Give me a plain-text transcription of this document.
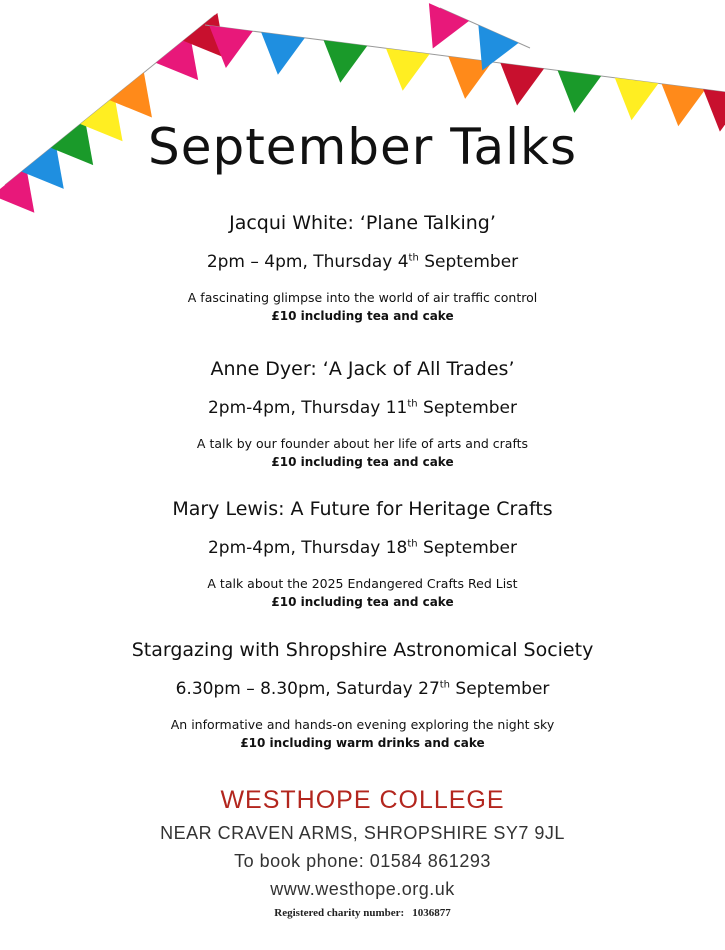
September Talks
Jacqui White: ‘Plane Talking’
2pm – 4pm, Thursday 4th September
A fascinating glimpse into the world of air traffic control
£10 including tea and cake
Anne Dyer: ‘A Jack of All Trades’
2pm-4pm, Thursday 11th September
A talk by our founder about her life of arts and crafts
£10 including tea and cake
Mary Lewis: A Future for Heritage Crafts
2pm-4pm, Thursday 18th September
A talk about the 2025 Endangered Crafts Red List
£10 including tea and cake
Stargazing with Shropshire Astronomical Society
6.30pm – 8.30pm, Saturday 27th September
An informative and hands-on evening exploring the night sky
£10 including warm drinks and cake
WESTHOPE COLLEGE
NEAR CRAVEN ARMS, SHROPSHIRE SY7 9JL
To book phone: 01584 861293
www.westhope.org.uk
Registered charity number: 1036877
